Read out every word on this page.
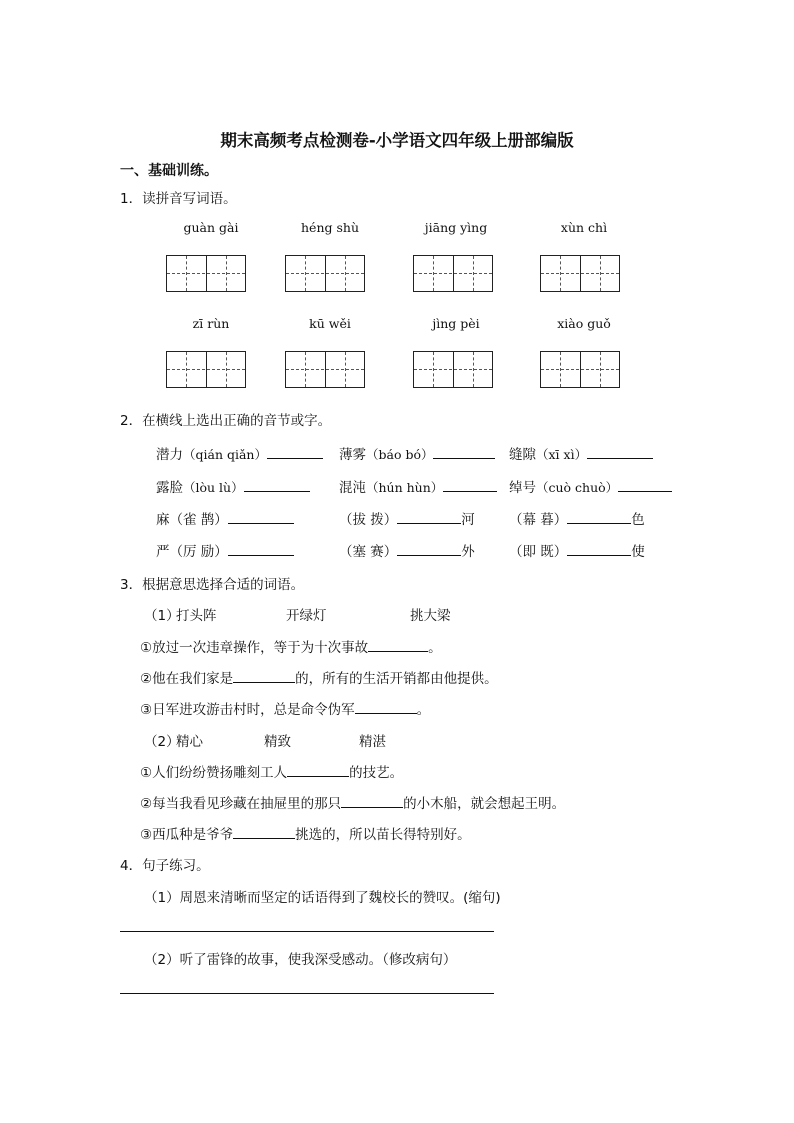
期末高频考点检测卷-小学语文四年级上册部编版
一、基础训练。
1．读拼音写词语。
guàn gài	héng shù	jiāng yìng	xùn chì
zī rùn	kū wěi	jìng pèi	xiào guǒ
2．在横线上选出正确的音节或字。
潜力（qián qiǎn）	薄雾（báo bó）	缝隙（xī xì）
露脸（lòu lù）	混沌（hún hùn）	绰号（cuò chuò）
麻（雀 鹊）	（拔 拨）	河	（幕 暮）	色
严（厉 励）	（塞 赛）	外	（即 既）	使
3．根据意思选择合适的词语。
（1）
打头阵	开绿灯	挑大梁
①放过一次违章操作，等于为十次事故	。
②他在我们家是	的，所有的生活开销都由他提供。
③日军进攻游击村时，总是命令伪军	。
（2）
精心	精致	精湛
①人们纷纷赞扬雕刻工人	的技艺。
②每当我看见珍藏在抽屉里的那只	的小木船，就会想起王明。
③西瓜种是爷爷	挑选的，所以苗长得特别好。
4．句子练习。
（1）周恩来清晰而坚定的话语得到了魏校长的赞叹。(缩句)
（2）听了雷锋的故事，使我深受感动。（修改病句）
